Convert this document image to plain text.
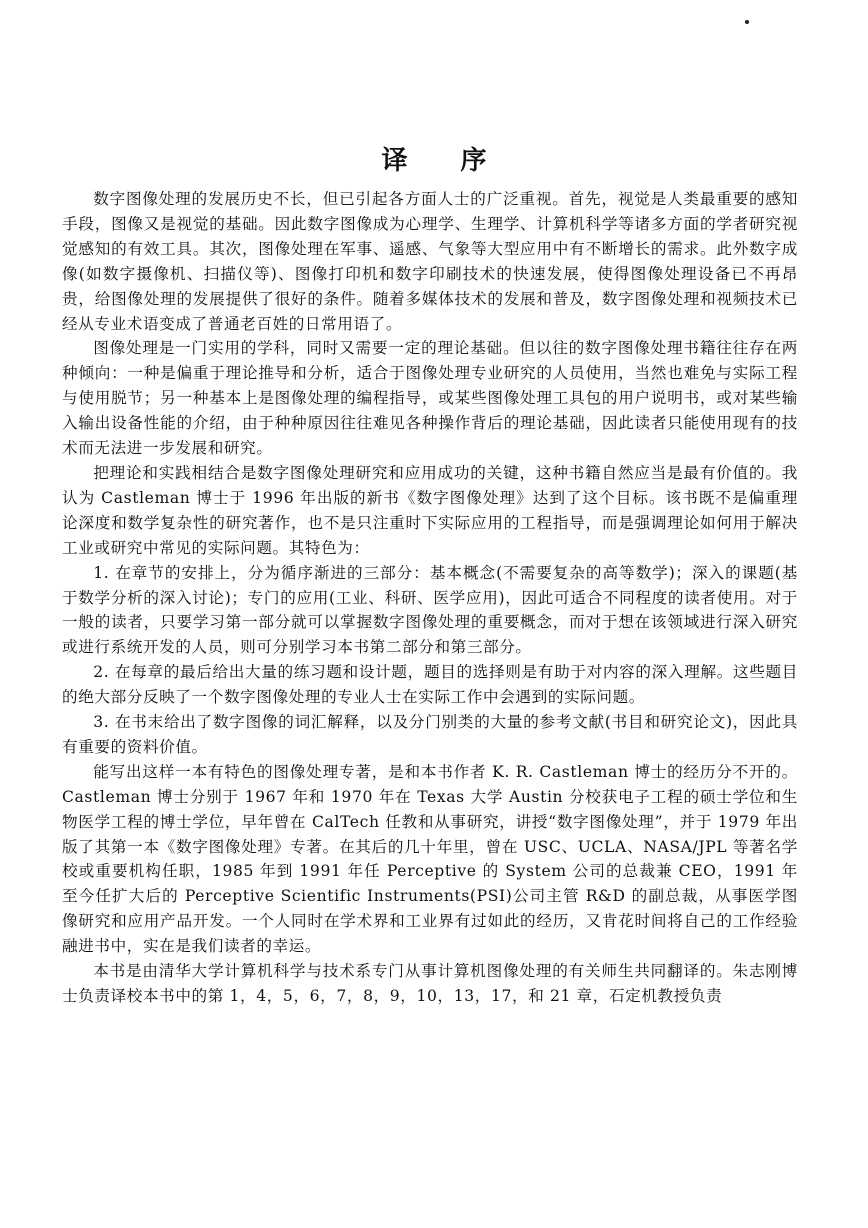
译 序

数字图像处理的发展历史不长，但已引起各方面人士的广泛重视。首先，视觉是人类最重要的感知手段，图像又是视觉的基础。因此数字图像成为心理学、生理学、计算机科学等诸多方面的学者研究视觉感知的有效工具。其次，图像处理在军事、遥感、气象等大型应用中有不断增长的需求。此外数字成像(如数字摄像机、扫描仪等)、图像打印机和数字印刷技术的快速发展，使得图像处理设备已不再昂贵，给图像处理的发展提供了很好的条件。随着多媒体技术的发展和普及，数字图像处理和视频技术已经从专业术语变成了普通老百姓的日常用语了。

图像处理是一门实用的学科，同时又需要一定的理论基础。但以往的数字图像处理书籍往往存在两种倾向：一种是偏重于理论推导和分析，适合于图像处理专业研究的人员使用，当然也难免与实际工程与使用脱节；另一种基本上是图像处理的编程指导，或某些图像处理工具包的用户说明书，或对某些输入输出设备性能的介绍，由于种种原因往往难见各种操作背后的理论基础，因此读者只能使用现有的技术而无法进一步发展和研究。

把理论和实践相结合是数字图像处理研究和应用成功的关键，这种书籍自然应当是最有价值的。我认为 Castleman 博士于 1996 年出版的新书《数字图像处理》达到了这个目标。该书既不是偏重理论深度和数学复杂性的研究著作，也不是只注重时下实际应用的工程指导，而是强调理论如何用于解决工业或研究中常见的实际问题。其特色为：

1. 在章节的安排上，分为循序渐进的三部分：基本概念(不需要复杂的高等数学)；深入的课题(基于数学分析的深入讨论)；专门的应用(工业、科研、医学应用)，因此可适合不同程度的读者使用。对于一般的读者，只要学习第一部分就可以掌握数字图像处理的重要概念，而对于想在该领域进行深入研究或进行系统开发的人员，则可分别学习本书第二部分和第三部分。

2. 在每章的最后给出大量的练习题和设计题，题目的选择则是有助于对内容的深入理解。这些题目的绝大部分反映了一个数字图像处理的专业人士在实际工作中会遇到的实际问题。

3. 在书末给出了数字图像的词汇解释，以及分门别类的大量的参考文献(书目和研究论文)，因此具有重要的资料价值。

能写出这样一本有特色的图像处理专著，是和本书作者 K. R. Castleman 博士的经历分不开的。Castleman 博士分别于 1967 年和 1970 年在 Texas 大学 Austin 分校获电子工程的硕士学位和生物医学工程的博士学位，早年曾在 CalTech 任教和从事研究，讲授“数字图像处理”，并于 1979 年出版了其第一本《数字图像处理》专著。在其后的几十年里，曾在 USC、UCLA、NASA/JPL 等著名学校或重要机构任职，1985 年到 1991 年任 Perceptive 的 System 公司的总裁兼 CEO，1991 年至今任扩大后的 Perceptive Scientific Instruments(PSI)公司主管 R&D 的副总裁，从事医学图像研究和应用产品开发。一个人同时在学术界和工业界有过如此的经历，又肯花时间将自己的工作经验融进书中，实在是我们读者的幸运。

本书是由清华大学计算机科学与技术系专门从事计算机图像处理的有关师生共同翻译的。朱志刚博士负责译校本书中的第 1，4，5，6，7，8，9，10，13，17，和 21 章，石定机教授负责
